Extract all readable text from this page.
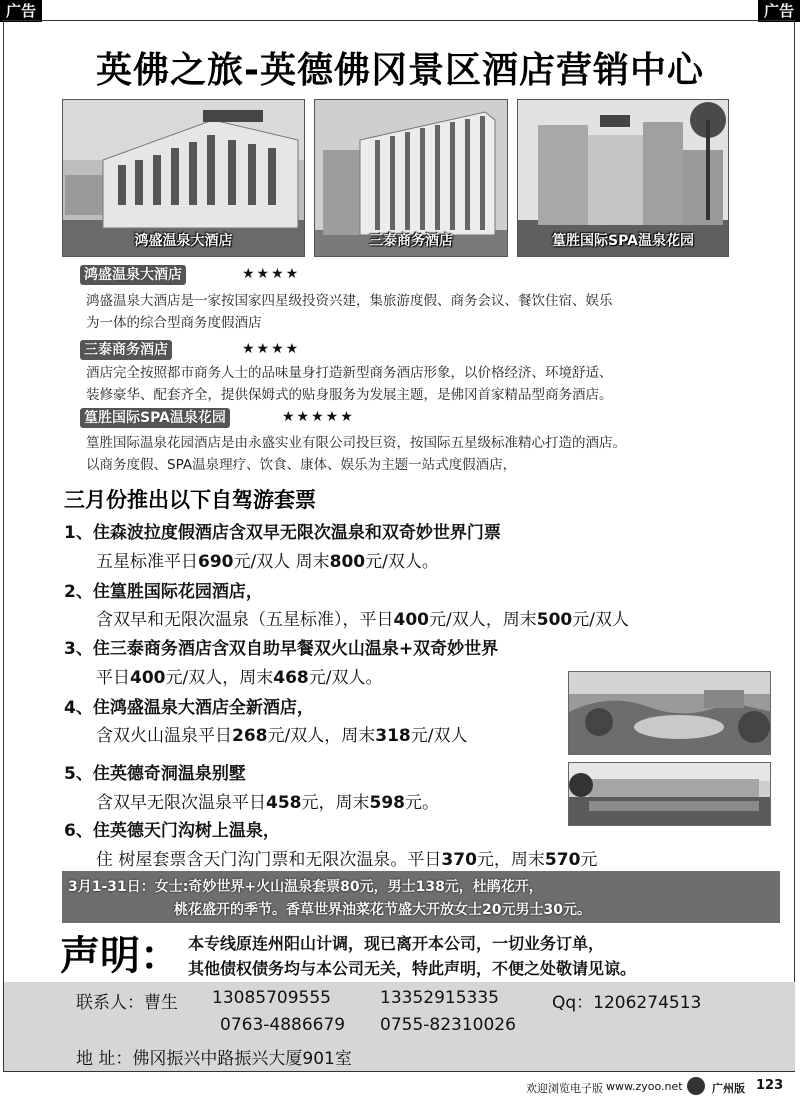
广告	广告
英佛之旅-英德佛冈景区酒店营销中心
鸿盛温泉大酒店	三泰商务酒店	篁胜国际SPA温泉花园
鸿盛温泉大酒店	★★★★
鸿盛温泉大酒店是一家按国家四星级投资兴建，集旅游度假、商务会议、餐饮住宿、娱乐
为一体的综合型商务度假酒店
三泰商务酒店	★★★★
酒店完全按照都市商务人士的品味量身打造新型商务酒店形象，以价格经济、环境舒适、
装修豪华、配套齐全，提供保姆式的贴身服务为发展主题，是佛冈首家精品型商务酒店。
篁胜国际SPA温泉花园	★★★★★
篁胜国际温泉花园酒店是由永盛实业有限公司投巨资，按国际五星级标准精心打造的酒店。
以商务度假、SPA温泉理疗、饮食、康体、娱乐为主题一站式度假酒店，
三月份推出以下自驾游套票
1、住森波拉度假酒店含双早无限次温泉和双奇妙世界门票
五星标准平日690元/双人 周末800元/双人。
2、住篁胜国际花园酒店，
含双早和无限次温泉（五星标准），平日400元/双人，周末500元/双人
3、住三泰商务酒店含双自助早餐双火山温泉+双奇妙世界
平日400元/双人，周末468元/双人。
4、住鸿盛温泉大酒店全新酒店，
含双火山温泉平日268元/双人，周末318元/双人
5、住英德奇洞温泉别墅
含双早无限次温泉平日458元，周末598元。
6、住英德天门沟树上温泉，
住 树屋套票含天门沟门票和无限次温泉。平日370元，周末570元
3月1-31日：女士:奇妙世界+火山温泉套票80元，男士138元，杜鹃花开，
桃花盛开的季节。香草世界油菜花节盛大开放女士20元男士30元。
声明： 本专线原连州阳山计调，现已离开本公司，一切业务订单，
其他债权债务均与本公司无关，特此声明，不便之处敬请见谅。
联系人：曹生 13085709555	13352915335	Qq：1206274513
0763-4886679 0755-82310026
地 址：佛冈振兴中路振兴大厦901室
欢迎浏览电子版 www.zyoo.net	广州版 123
